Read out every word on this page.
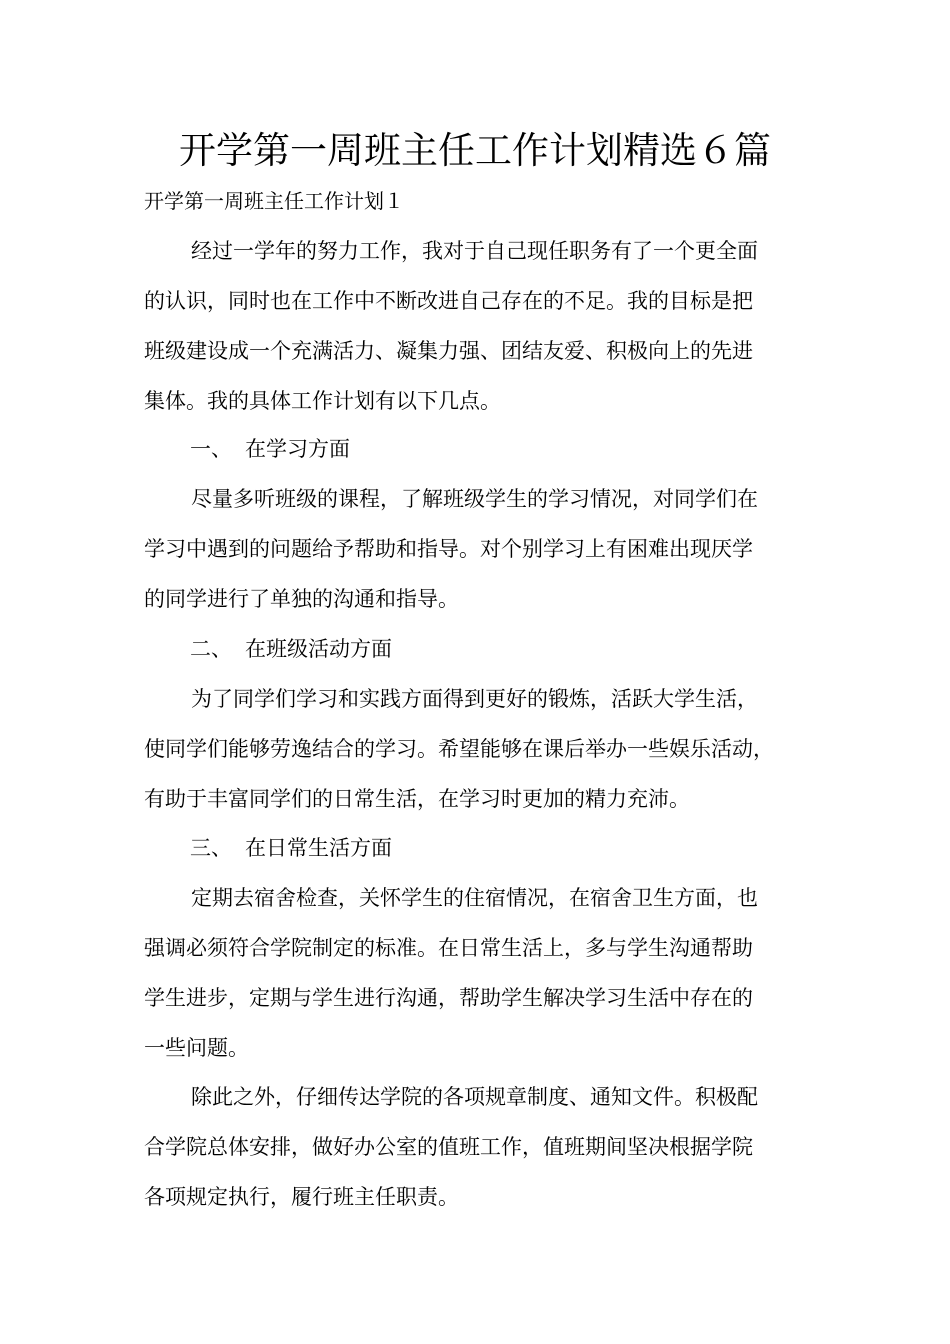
开学第一周班主任工作计划精选６篇

开学第一周班主任工作计划１

经过一学年的努力工作，我对于自己现任职务有了一个更全面
的认识，同时也在工作中不断改进自己存在的不足。我的目标是把
班级建设成一个充满活力、凝集力强、团结友爱、积极向上的先进
集体。我的具体工作计划有以下几点。

一、 在学习方面

尽量多听班级的课程，了解班级学生的学习情况，对同学们在
学习中遇到的问题给予帮助和指导。对个别学习上有困难出现厌学
的同学进行了单独的沟通和指导。

二、 在班级活动方面

为了同学们学习和实践方面得到更好的锻炼，活跃大学生活，
使同学们能够劳逸结合的学习。希望能够在课后举办一些娱乐活动，
有助于丰富同学们的日常生活，在学习时更加的精力充沛。

三、 在日常生活方面

定期去宿舍检查，关怀学生的住宿情况，在宿舍卫生方面，也
强调必须符合学院制定的标准。在日常生活上，多与学生沟通帮助
学生进步，定期与学生进行沟通，帮助学生解决学习生活中存在的
一些问题。

除此之外，仔细传达学院的各项规章制度、通知文件。积极配
合学院总体安排，做好办公室的值班工作，值班期间坚决根据学院
各项规定执行，履行班主任职责。
